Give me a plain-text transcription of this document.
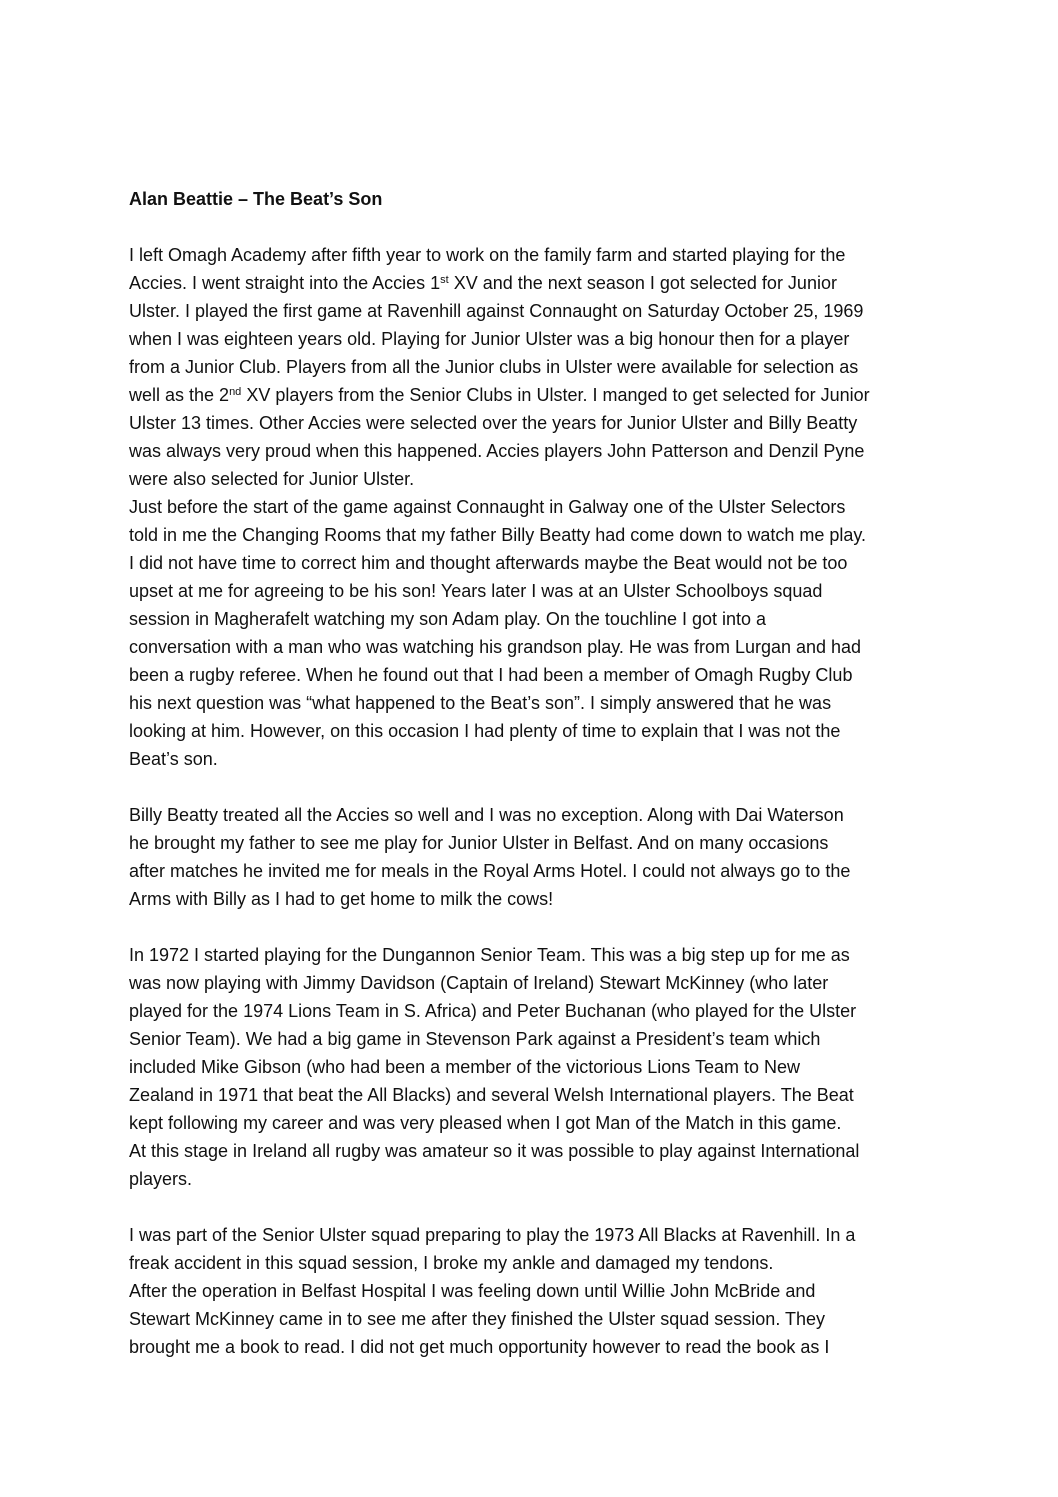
Alan Beattie – The Beat’s Son
I left Omagh Academy after fifth year to work on the family farm and started playing for the
Accies. I went straight into the Accies 1st XV and the next season I got selected for Junior
Ulster. I played the first game at Ravenhill against Connaught on Saturday October 25, 1969
when I was eighteen years old. Playing for Junior Ulster was a big honour then for a player
from a Junior Club. Players from all the Junior clubs in Ulster were available for selection as
well as the 2nd XV players from the Senior Clubs in Ulster. I manged to get selected for Junior
Ulster 13 times. Other Accies were selected over the years for Junior Ulster and Billy Beatty
was always very proud when this happened. Accies players John Patterson and Denzil Pyne
were also selected for Junior Ulster.
Just before the start of the game against Connaught in Galway one of the Ulster Selectors
told in me the Changing Rooms that my father Billy Beatty had come down to watch me play.
I did not have time to correct him and thought afterwards maybe the Beat would not be too
upset at me for agreeing to be his son! Years later I was at an Ulster Schoolboys squad
session in Magherafelt watching my son Adam play. On the touchline I got into a
conversation with a man who was watching his grandson play. He was from Lurgan and had
been a rugby referee. When he found out that I had been a member of Omagh Rugby Club
his next question was “what happened to the Beat’s son”. I simply answered that he was
looking at him. However, on this occasion I had plenty of time to explain that I was not the
Beat’s son.
Billy Beatty treated all the Accies so well and I was no exception. Along with Dai Waterson
he brought my father to see me play for Junior Ulster in Belfast. And on many occasions
after matches he invited me for meals in the Royal Arms Hotel. I could not always go to the
Arms with Billy as I had to get home to milk the cows!
In 1972 I started playing for the Dungannon Senior Team. This was a big step up for me as
was now playing with Jimmy Davidson (Captain of Ireland) Stewart McKinney (who later
played for the 1974 Lions Team in S. Africa) and Peter Buchanan (who played for the Ulster
Senior Team). We had a big game in Stevenson Park against a President’s team which
included Mike Gibson (who had been a member of the victorious Lions Team to New
Zealand in 1971 that beat the All Blacks) and several Welsh International players. The Beat
kept following my career and was very pleased when I got Man of the Match in this game.
At this stage in Ireland all rugby was amateur so it was possible to play against International
players.
I was part of the Senior Ulster squad preparing to play the 1973 All Blacks at Ravenhill. In a
freak accident in this squad session, I broke my ankle and damaged my tendons.
After the operation in Belfast Hospital I was feeling down until Willie John McBride and
Stewart McKinney came in to see me after they finished the Ulster squad session. They
brought me a book to read. I did not get much opportunity however to read the book as I
